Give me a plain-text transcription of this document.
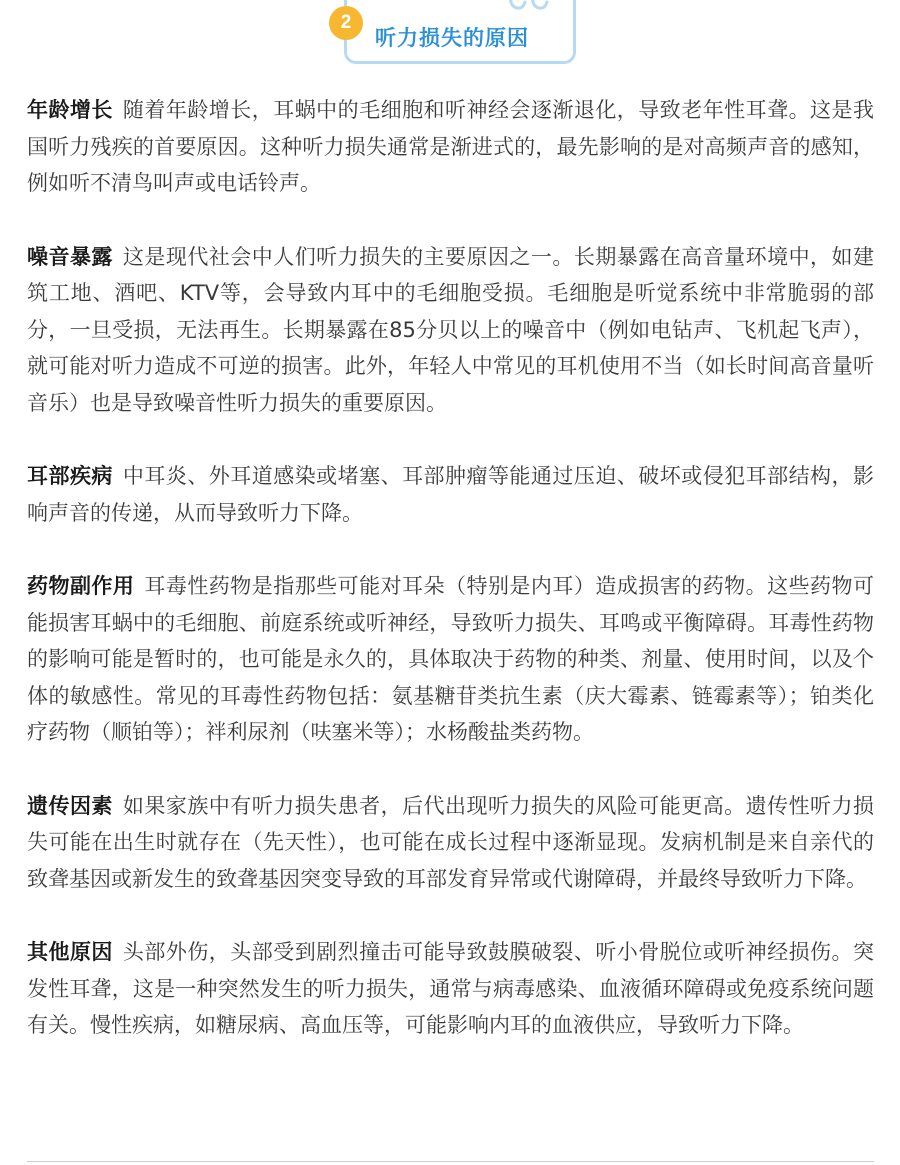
2
听力损失的原因

年龄增长 随着年龄增长，耳蜗中的毛细胞和听神经会逐渐退化，导致老年性耳聋。这是我国听力残疾的首要原因。这种听力损失通常是渐进式的，最先影响的是对高频声音的感知，例如听不清鸟叫声或电话铃声。

噪音暴露 这是现代社会中人们听力损失的主要原因之一。长期暴露在高音量环境中，如建筑工地、酒吧、KTV等，会导致内耳中的毛细胞受损。毛细胞是听觉系统中非常脆弱的部分，一旦受损，无法再生。长期暴露在85分贝以上的噪音中（例如电钻声、飞机起飞声），就可能对听力造成不可逆的损害。此外，年轻人中常见的耳机使用不当（如长时间高音量听音乐）也是导致噪音性听力损失的重要原因。

耳部疾病 中耳炎、外耳道感染或堵塞、耳部肿瘤等能通过压迫、破坏或侵犯耳部结构，影响声音的传递，从而导致听力下降。

药物副作用 耳毒性药物是指那些可能对耳朵（特别是内耳）造成损害的药物。这些药物可能损害耳蜗中的毛细胞、前庭系统或听神经，导致听力损失、耳鸣或平衡障碍。耳毒性药物的影响可能是暂时的，也可能是永久的，具体取决于药物的种类、剂量、使用时间，以及个体的敏感性。常见的耳毒性药物包括：氨基糖苷类抗生素（庆大霉素、链霉素等）；铂类化疗药物（顺铂等）；袢利尿剂（呋塞米等）；水杨酸盐类药物。

遗传因素 如果家族中有听力损失患者，后代出现听力损失的风险可能更高。遗传性听力损失可能在出生时就存在（先天性），也可能在成长过程中逐渐显现。发病机制是来自亲代的致聋基因或新发生的致聋基因突变导致的耳部发育异常或代谢障碍，并最终导致听力下降。

其他原因 头部外伤，头部受到剧烈撞击可能导致鼓膜破裂、听小骨脱位或听神经损伤。突发性耳聋，这是一种突然发生的听力损失，通常与病毒感染、血液循环障碍或免疫系统问题有关。慢性疾病，如糖尿病、高血压等，可能影响内耳的血液供应，导致听力下降。
